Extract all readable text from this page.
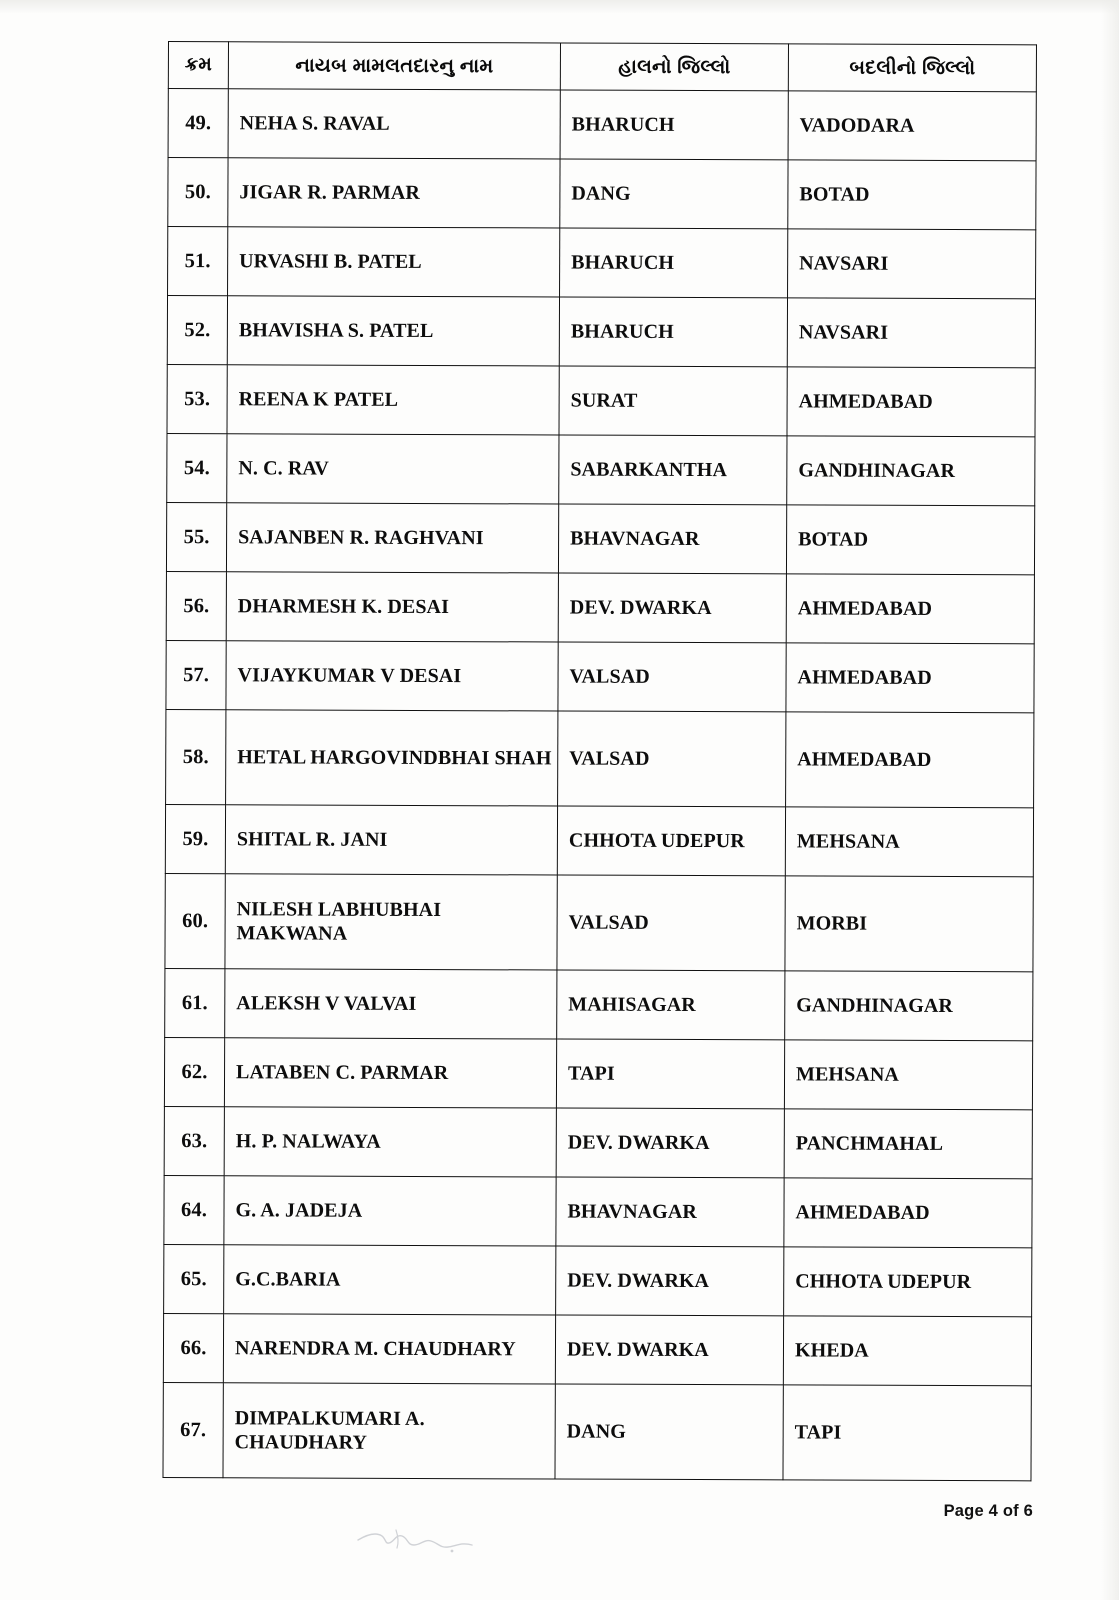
ક્રમ	નાયબ મામલતદારનુ નામ	હાલનો જિલ્લો	બદલીનો જિલ્લો
49.	NEHA S. RAVAL	BHARUCH	VADODARA
50.	JIGAR R. PARMAR	DANG	BOTAD
51.	URVASHI B. PATEL	BHARUCH	NAVSARI
52.	BHAVISHA S. PATEL	BHARUCH	NAVSARI
53.	REENA K PATEL	SURAT	AHMEDABAD
54.	N. C. RAV	SABARKANTHA	GANDHINAGAR
55.	SAJANBEN R. RAGHVANI	BHAVNAGAR	BOTAD
56.	DHARMESH K. DESAI	DEV. DWARKA	AHMEDABAD
57.	VIJAYKUMAR V DESAI	VALSAD	AHMEDABAD
58.	HETAL HARGOVINDBHAI SHAH	VALSAD	AHMEDABAD
59.	SHITAL R. JANI	CHHOTA UDEPUR	MEHSANA
60.	NILESH LABHUBHAI MAKWANA	VALSAD	MORBI
61.	ALEKSH V VALVAI	MAHISAGAR	GANDHINAGAR
62.	LATABEN C. PARMAR	TAPI	MEHSANA
63.	H. P. NALWAYA	DEV. DWARKA	PANCHMAHAL
64.	G. A. JADEJA	BHAVNAGAR	AHMEDABAD
65.	G.C.BARIA	DEV. DWARKA	CHHOTA UDEPUR
66.	NARENDRA M. CHAUDHARY	DEV. DWARKA	KHEDA
67.	DIMPALKUMARI A. CHAUDHARY	DANG	TAPI
Page 4 of 6
